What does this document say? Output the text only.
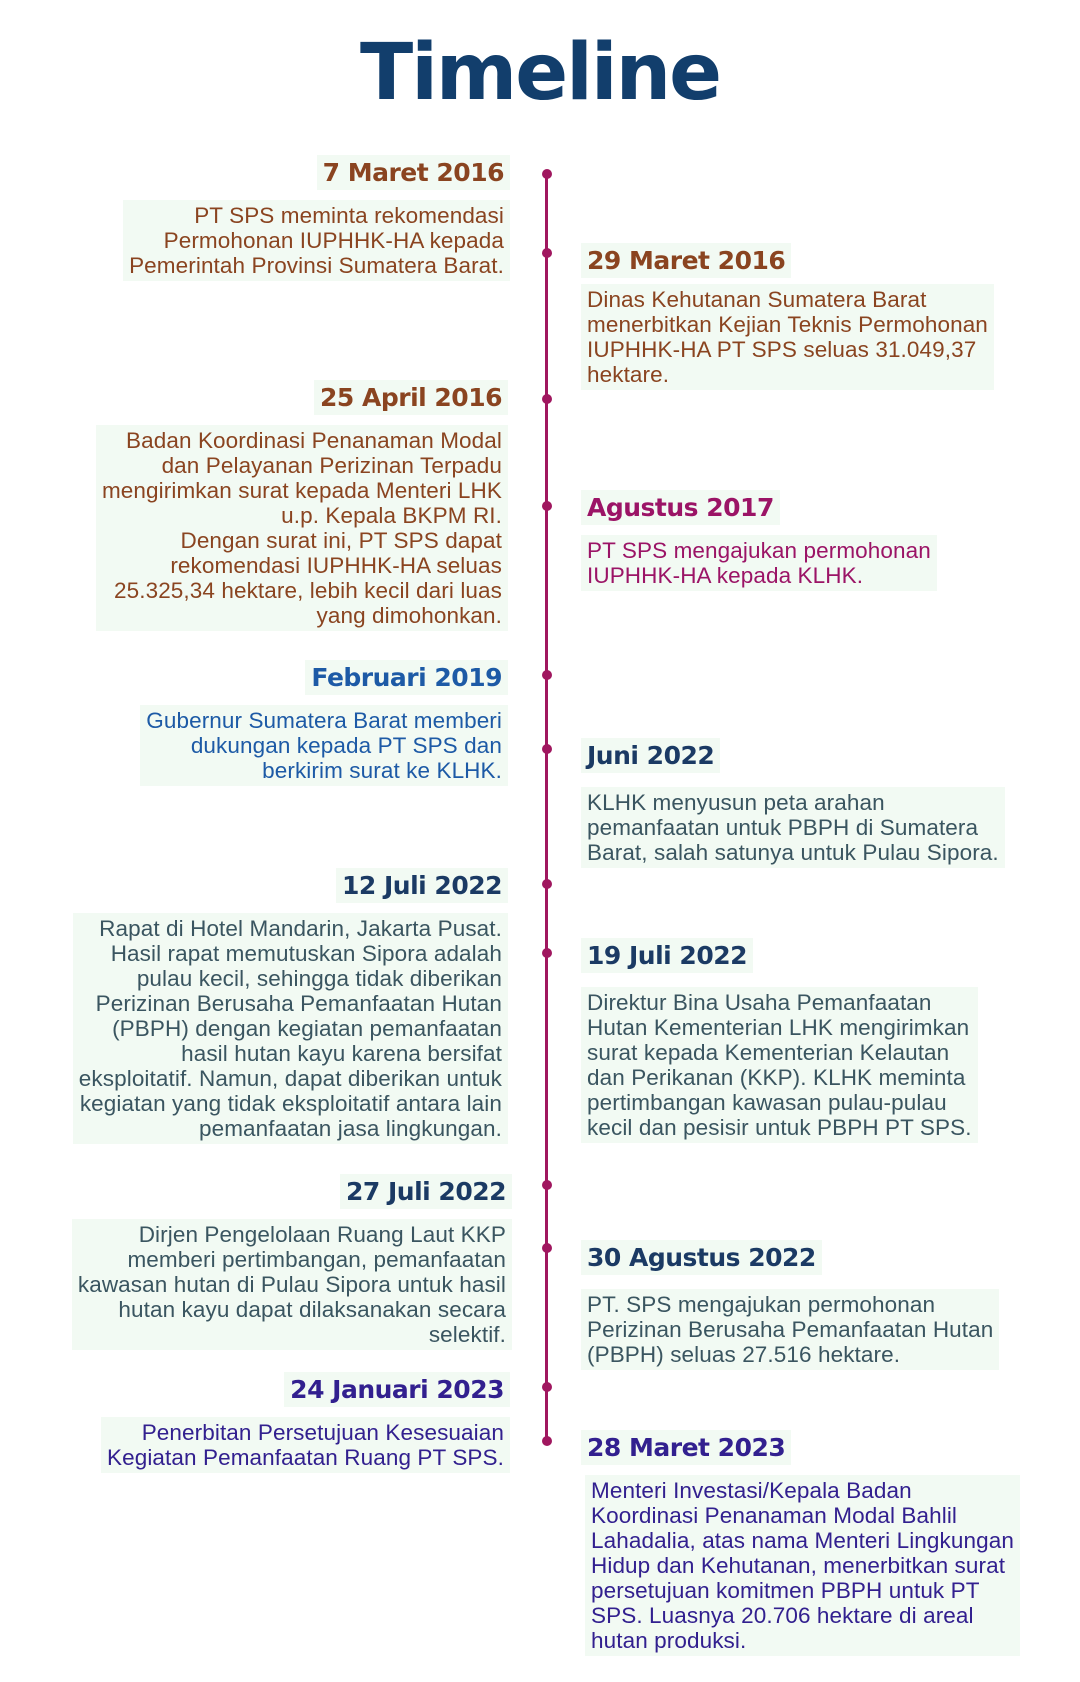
Timeline
7 Maret 2016
PT SPS meminta rekomendasi
Permohonan IUPHHK-HA kepada
Pemerintah Provinsi Sumatera Barat.	29 Maret 2016
Dinas Kehutanan Sumatera Barat
menerbitkan Kejian Teknis Permohonan
IUPHHK-HA PT SPS seluas 31.049,37
hektare.
25 April 2016
Badan Koordinasi Penanaman Modal
dan Pelayanan Perizinan Terpadu
mengirimkan surat kepada Menteri LHK
u.p. Kepala BKPM RI.
Dengan surat ini, PT SPS dapat
rekomendasi IUPHHK-HA seluas
25.325,34 hektare, lebih kecil dari luas
yang dimohonkan.
Agustus 2017
PT SPS mengajukan permohonan
IUPHHK-HA kepada KLHK.
Februari 2019
Gubernur Sumatera Barat memberi
dukungan kepada PT SPS dan
berkirim surat ke KLHK.
Juni 2022
KLHK menyusun peta arahan
pemanfaatan untuk PBPH di Sumatera
Barat, salah satunya untuk Pulau Sipora.
12 Juli 2022
Rapat di Hotel Mandarin, Jakarta Pusat.
Hasil rapat memutuskan Sipora adalah
pulau kecil, sehingga tidak diberikan
Perizinan Berusaha Pemanfaatan Hutan
(PBPH) dengan kegiatan pemanfaatan
hasil hutan kayu karena bersifat
eksploitatif. Namun, dapat diberikan untuk
kegiatan yang tidak eksploitatif antara lain
pemanfaatan jasa lingkungan.
19 Juli 2022
Direktur Bina Usaha Pemanfaatan
Hutan Kementerian LHK mengirimkan
surat kepada Kementerian Kelautan
dan Perikanan (KKP). KLHK meminta
pertimbangan kawasan pulau-pulau
kecil dan pesisir untuk PBPH PT SPS.
27 Juli 2022
Dirjen Pengelolaan Ruang Laut KKP
memberi pertimbangan, pemanfaatan
kawasan hutan di Pulau Sipora untuk hasil
hutan kayu dapat dilaksanakan secara
selektif.
30 Agustus 2022
PT. SPS mengajukan permohonan
Perizinan Berusaha Pemanfaatan Hutan
(PBPH) seluas 27.516 hektare.
24 Januari 2023
Penerbitan Persetujuan Kesesuaian
Kegiatan Pemanfaatan Ruang PT SPS.	28 Maret 2023
Menteri Investasi/Kepala Badan
Koordinasi Penanaman Modal Bahlil
Lahadalia, atas nama Menteri Lingkungan
Hidup dan Kehutanan, menerbitkan surat
persetujuan komitmen PBPH untuk PT
SPS. Luasnya 20.706 hektare di areal
hutan produksi.
